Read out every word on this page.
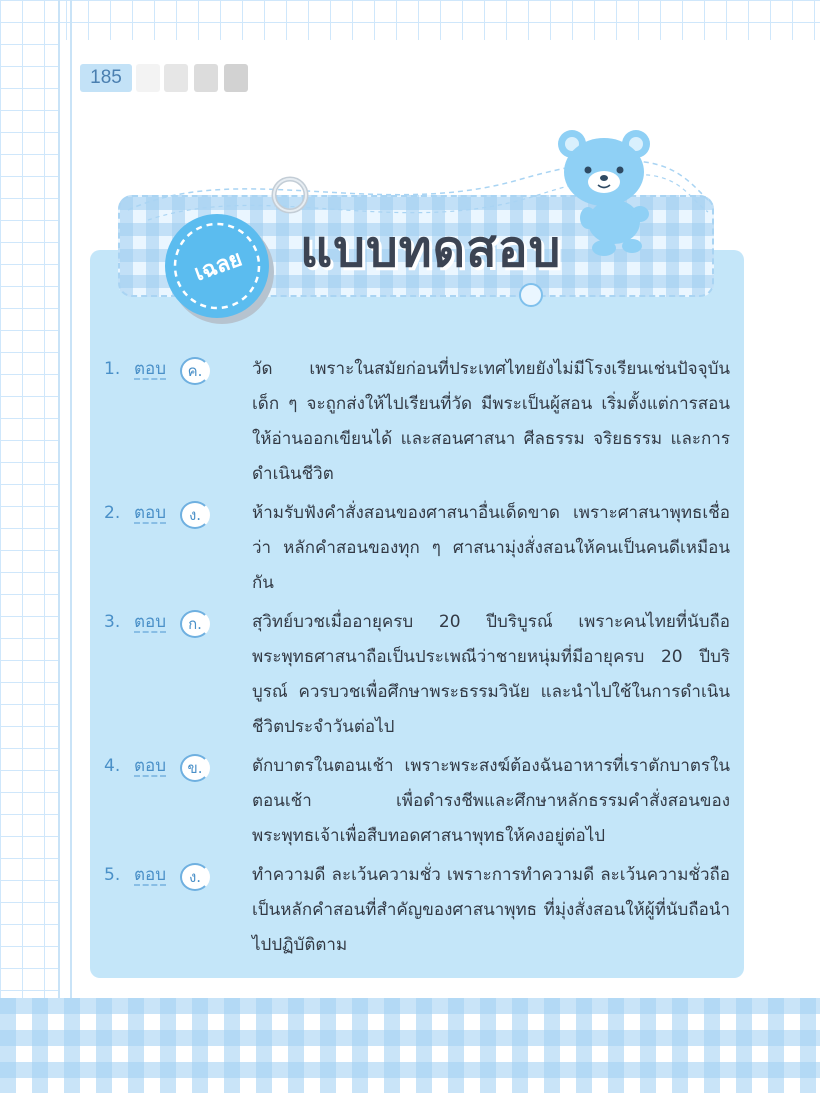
185
เฉลย	แบบทดสอบ
1. ตอบ	ค.	วัด เพราะในสมัยก่อนที่ประเทศไทยยังไม่มีโรงเรียนเช่นปัจจุบัน เด็ก ๆ จะถูกส่งให้ไปเรียนที่วัด มีพระเป็นผู้สอน เริ่มตั้งแต่การสอนให้อ่านออกเขียนได้ และสอนศาสนา ศีลธรรม จริยธรรม และการดำเนินชีวิต
2. ตอบ	ง.	ห้ามรับฟังคำสั่งสอนของศาสนาอื่นเด็ดขาด เพราะศาสนาพุทธเชื่อว่า หลักคำสอนของทุก ๆ ศาสนามุ่งสั่งสอนให้คนเป็นคนดีเหมือนกัน
3. ตอบ	ก.	สุวิทย์บวชเมื่ออายุครบ 20 ปีบริบูรณ์ เพราะคนไทยที่นับถือพระพุทธศาสนาถือเป็นประเพณีว่าชายหนุ่มที่มีอายุครบ 20 ปีบริบูรณ์ ควรบวชเพื่อศึกษาพระธรรมวินัย และนำไปใช้ในการดำเนินชีวิตประจำวันต่อไป
4. ตอบ	ข.	ตักบาตรในตอนเช้า เพราะพระสงฆ์ต้องฉันอาหารที่เราตักบาตรในตอนเช้า เพื่อดำรงชีพและศึกษาหลักธรรมคำสั่งสอนของพระพุทธเจ้าเพื่อสืบทอดศาสนาพุทธให้คงอยู่ต่อไป
5. ตอบ	ง.	ทำความดี ละเว้นความชั่ว เพราะการทำความดี ละเว้นความชั่วถือเป็นหลักคำสอนที่สำคัญของศาสนาพุทธ ที่มุ่งสั่งสอนให้ผู้ที่นับถือนำไปปฏิบัติตาม
